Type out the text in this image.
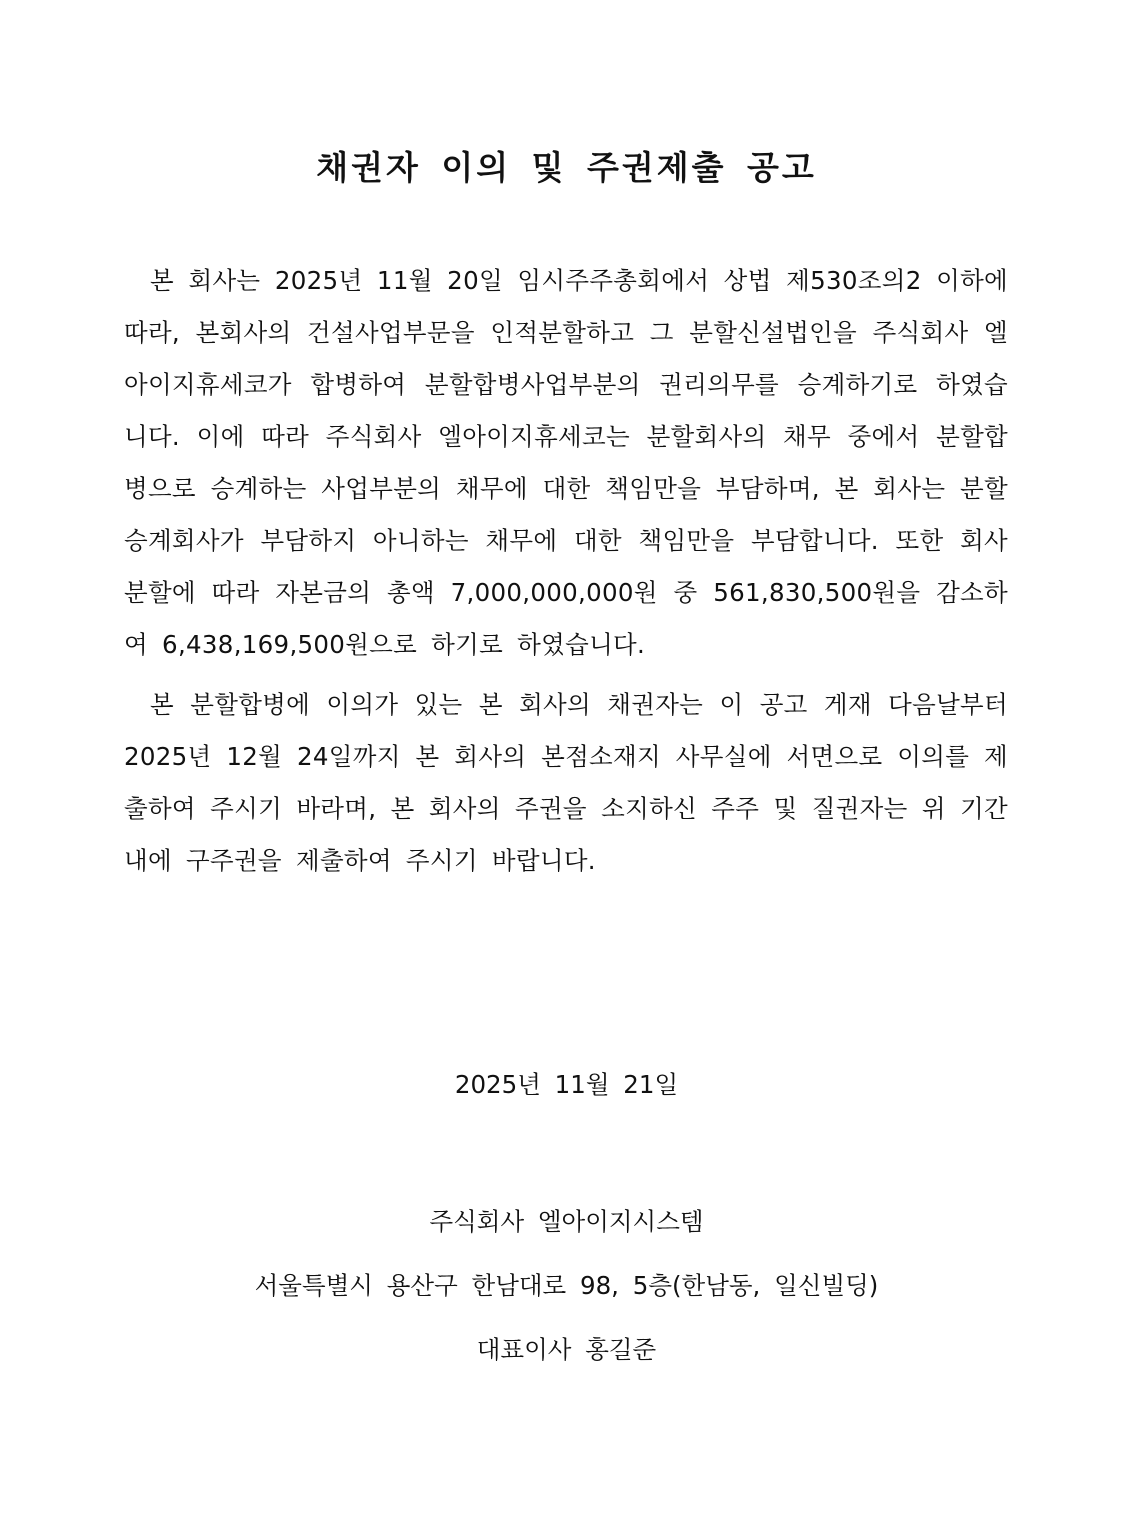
채권자 이의 및 주권제출 공고

본 회사는 2025년 11월 20일 임시주주총회에서 상법 제530조의2 이하에 따라, 본회사의 건설사업부문을 인적분할하고 그 분할신설법인을 주식회사 엘아이지휴세코가 합병하여 분할합병사업부분의 권리의무를 승계하기로 하였습니다. 이에 따라 주식회사 엘아이지휴세코는 분할회사의 채무 중에서 분할합병으로 승계하는 사업부분의 채무에 대한 책임만을 부담하며, 본 회사는 분할승계회사가 부담하지 아니하는 채무에 대한 책임만을 부담합니다. 또한 회사분할에 따라 자본금의 총액 7,000,000,000원 중 561,830,500원을 감소하여 6,438,169,500원으로 하기로 하였습니다.

본 분할합병에 이의가 있는 본 회사의 채권자는 이 공고 게재 다음날부터 2025년 12월 24일까지 본 회사의 본점소재지 사무실에 서면으로 이의를 제출하여 주시기 바라며, 본 회사의 주권을 소지하신 주주 및 질권자는 위 기간 내에 구주권을 제출하여 주시기 바랍니다.

2025년 11월 21일

주식회사 엘아이지시스템

서울특별시 용산구 한남대로 98, 5층(한남동, 일신빌딩)

대표이사 홍길준
